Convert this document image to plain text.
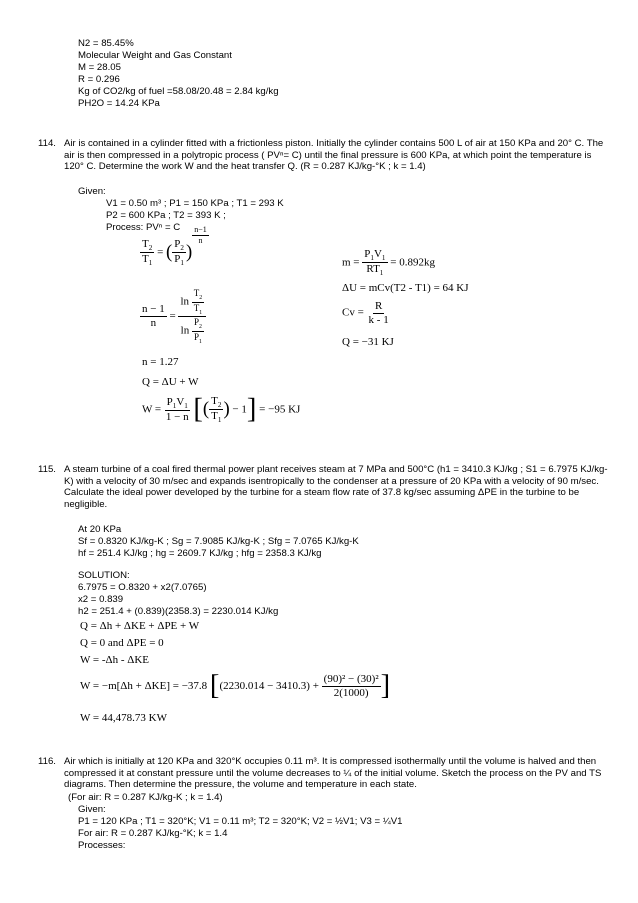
N2 = 85.45%
Molecular Weight and Gas Constant
M = 28.05
R = 0.296
Kg of CO2/kg of fuel =58.08/20.48 = 2.84 kg/kg
PH2O = 14.24 KPa
114. Air is contained in a cylinder fitted with a frictionless piston. Initially the cylinder contains 500 L of air at 150 KPa and 20° C. The air is then compressed in a polytropic process ( PVⁿ= C) until the final pressure is 600 KPa, at which point the temperature is 120° C. Determine the work W and the heat transfer Q. (R = 0.287 KJ/kg-°K ; k = 1.4)
Given:
V1 = 0.50 m³ ; P1 = 150 KPa ; T1 = 293 K
P2 = 600 KPa ; T2 = 393 K ;
Process: PVⁿ = C
$\frac{T_2}{T_1}$ = ( $\frac{P_2}{P_1}$ )
$^{\frac{n-1}{n}}$
$\frac{n - 1}{n} = \frac{\ln \frac{T_2}{T_1}}{\ln \frac{P_2}{P_1}}$
n = 1.27
Q = ΔU + W
$W = \frac{P_1V_1}{1 - n}$ [( $\frac{T_2}{T_1}$ ) − 1] = −95 KJ
$m = \frac{P_1V_1}{RT_1} = 0.892kg$
ΔU = mCv(T2 - T1) = 64 KJ
$Cv = \frac{R}{k - 1}$
Q = −31 KJ
115. A steam turbine of a coal fired thermal power plant receives steam at 7 MPa and 500°C (h1 = 3410.3 KJ/kg ; S1 = 6.7975 KJ/kg-K) with a velocity of 30 m/sec and expands isentropically to the condenser at a pressure of 20 KPa with a velocity of 90 m/sec. Calculate the ideal power developed by the turbine for a steam flow rate of 37.8 kg/sec assuming ΔPE in the turbine to be negligible.
At 20 KPa
Sf = 0.8320 KJ/kg-K ; Sg = 7.9085 KJ/kg-K ; Sfg = 7.0765 KJ/kg-K
hf = 251.4 KJ/kg ; hg = 2609.7 KJ/kg ; hfg = 2358.3 KJ/kg
SOLUTION:
6.7975 = O.8320 + x2(7.0765)
x2 = 0.839
h2 = 251.4 + (0.839)(2358.3) = 2230.014 KJ/kg
Q = Δh + ΔKE + ΔPE + W
Q = 0 and ΔPE = 0
W = -Δh - ΔKE
W = −m[Δh + ΔKE] = −37.8 [$(2230.014 - 3410.3) + \frac{\text{(90)² − (30)²}}{2(1000)}$ ]
W = 44,478.73 KW
116. Air which is initially at 120 KPa and 320°K occupies 0.11 m³. It is compressed isothermally until the volume is halved and then compressed it at constant pressure until the volume decreases to ¼ of the initial volume. Sketch the process on the PV and TS diagrams. Then determine the pressure, the volume and temperature in each state.
(For air: R = 0.287 KJ/kg-K ; k = 1.4)
Given:
P1 = 120 KPa ; T1 = 320°K; V1 = 0.11 m³; T2 = 320°K; V2 = ½V1; V3 = ¼V1
For air: R = 0.287 KJ/kg-°K; k = 1.4
Processes:
